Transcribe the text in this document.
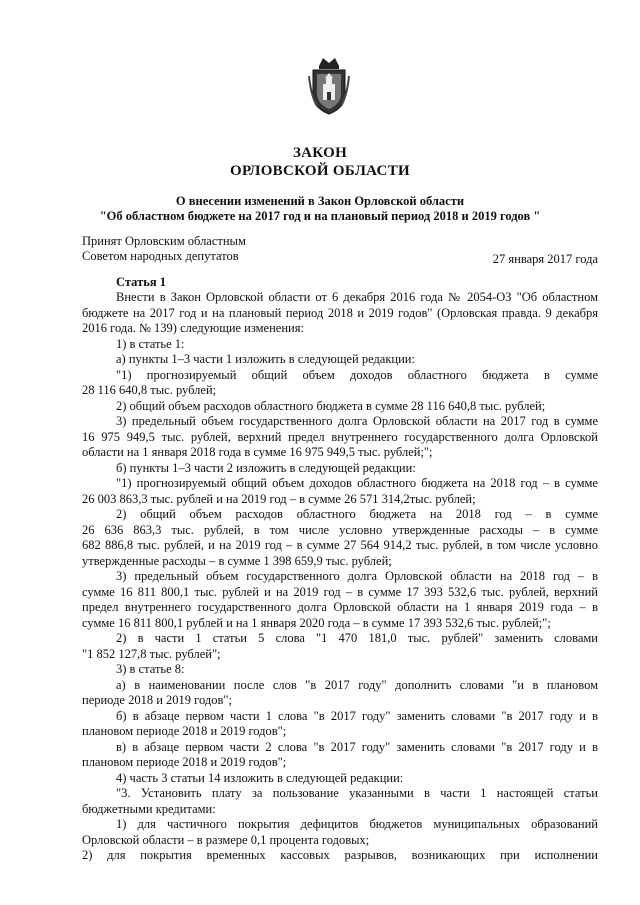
ЗАКОН
ОРЛОВСКОЙ ОБЛАСТИ
О внесении изменений в Закон Орловской области
"Об областном бюджете на 2017 год и на плановый период 2018 и 2019 годов "
Принят Орловским областным
Советом народных депутатов	27 января 2017 года
Статья 1
Внести в Закон Орловской области от 6 декабря 2016 года № 2054-ОЗ "Об областном
бюджете на 2017 год и на плановый период 2018 и 2019 годов" (Орловская правда. 9 декабря
2016 года. № 139) следующие изменения:
1) в статье 1:
а) пункты 1–3 части 1 изложить в следующей редакции:
"1) прогнозируемый общий объем доходов областного бюджета в сумме
28 116 640,8 тыс. рублей;
2) общий объем расходов областного бюджета в сумме 28 116 640,8 тыс. рублей;
3) предельный объем государственного долга Орловской области на 2017 год в сумме
16 975 949,5 тыс. рублей, верхний предел внутреннего государственного долга Орловской
области на 1 января 2018 года в сумме 16 975 949,5 тыс. рублей;";
б) пункты 1–3 части 2 изложить в следующей редакции:
"1) прогнозируемый общий объем доходов областного бюджета на 2018 год – в сумме
26 003 863,3 тыс. рублей и на 2019 год – в сумме 26 571 314,2тыс. рублей;
2) общий объем расходов областного бюджета на 2018 год – в сумме
26 636 863,3 тыс. рублей, в том числе условно утвержденные расходы – в сумме
682 886,8 тыс. рублей, и на 2019 год – в сумме 27 564 914,2 тыс. рублей, в том числе условно
утвержденные расходы – в сумме 1 398 659,9 тыс. рублей;
3) предельный объем государственного долга Орловской области на 2018 год – в
сумме 16 811 800,1 тыс. рублей и на 2019 год – в сумме 17 393 532,6 тыс. рублей, верхний
предел внутреннего государственного долга Орловской области на 1 января 2019 года – в
сумме 16 811 800,1 рублей и на 1 января 2020 года – в сумме 17 393 532,6 тыс. рублей;";
2) в части 1 статьи 5 слова "1 470 181,0 тыс. рублей" заменить словами
"1 852 127,8 тыс. рублей";
3) в статье 8:
а) в наименовании после слов "в 2017 году" дополнить словами "и в плановом
периоде 2018 и 2019 годов";
б) в абзаце первом части 1 слова "в 2017 году" заменить словами "в 2017 году и в
плановом периоде 2018 и 2019 годов";
в) в абзаце первом части 2 слова "в 2017 году" заменить словами "в 2017 году и в
плановом периоде 2018 и 2019 годов";
4) часть 3 статьи 14 изложить в следующей редакции:
"3. Установить плату за пользование указанными в части 1 настоящей статьи
бюджетными кредитами:
1) для частичного покрытия дефицитов бюджетов муниципальных образований
Орловской области – в размере 0,1 процента годовых;
2) для покрытия временных кассовых разрывов, возникающих при исполнении
